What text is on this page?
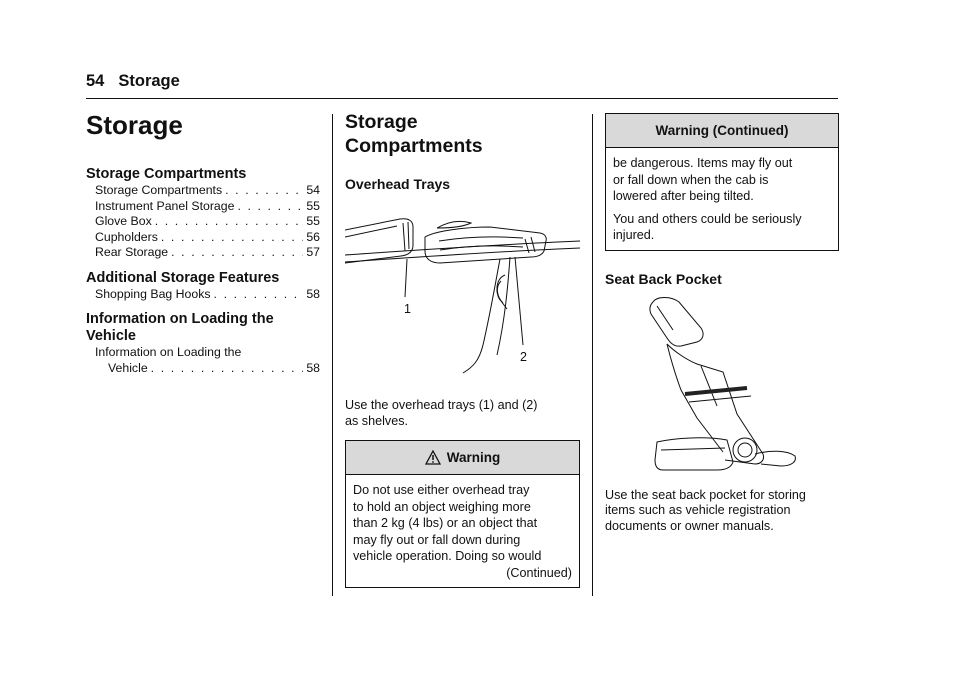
54 Storage
Storage
Storage Compartments
Storage Compartments . . .	54
Instrument Panel Storage . . .	55
Glove Box . . .	55
Cupholders . . .	56
Rear Storage . . .	57
Additional Storage Features
Shopping Bag Hooks . . .	58
Information on Loading the
Vehicle
Information on Loading the
Vehicle . . .	58
Storage
Compartments
Overhead Trays
1
2

Use the overhead trays (1) and (2)

as shelves.

Warning

Do not use either overhead tray

to hold an object weighing more

than 2 kg (4 lbs) or an object that

may fly out or fall down during

vehicle operation. Doing so would

(Continued)

Warning (Continued)

be dangerous. Items may fly out

or fall down when the cab is

lowered after being tilted.

You and others could be seriously

injured.

Seat Back Pocket

Use the seat back pocket for storing

items such as vehicle registration

documents or owner manuals.
